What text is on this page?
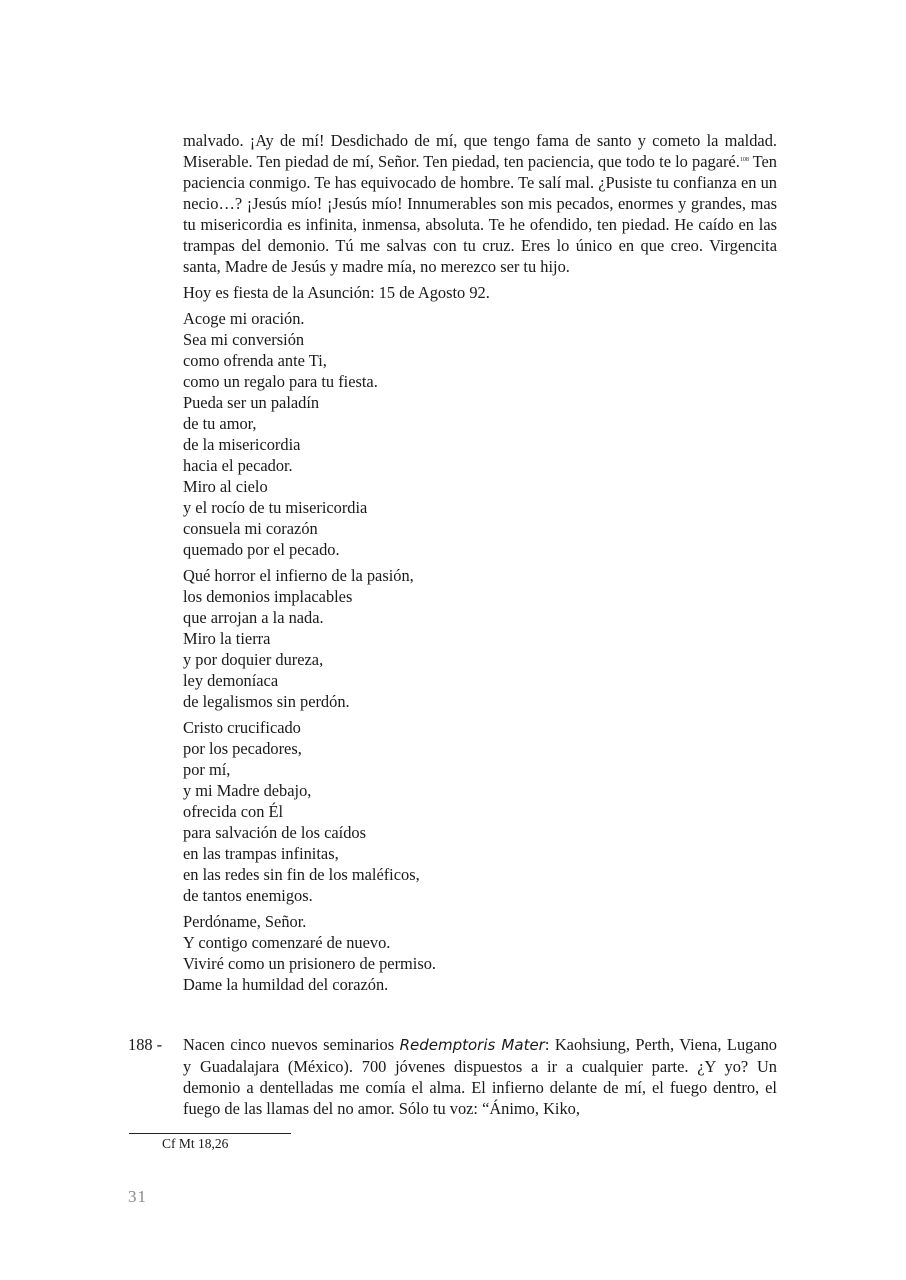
malvado. ¡Ay de mí! Desdichado de mí, que tengo fama de santo y cometo la maldad. Miserable. Ten piedad de mí, Señor. Ten piedad, ten paciencia, que todo te lo pagaré.$^{108}$ Ten paciencia conmigo. Te has equivocado de hombre. Te salí mal. ¿Pusiste tu confianza en un necio…? ¡Jesús mío! ¡Jesús mío! Innumerables son mis pecados, enormes y grandes, mas tu misericordia es infinita, inmensa, absoluta. Te he ofendido, ten piedad. He caído en las trampas del demonio. Tú me salvas con tu cruz. Eres lo único en que creo. Virgencita santa, Madre de Jesús y madre mía, no merezco ser tu hijo.

Hoy es fiesta de la Asunción: 15 de Agosto 92.

Acoge mi oración.
Sea mi conversión
como ofrenda ante Ti,
como un regalo para tu fiesta.
Pueda ser un paladín
de tu amor,
de la misericordia
hacia el pecador.
Miro al cielo
y el rocío de tu misericordia
consuela mi corazón
quemado por el pecado.
Qué horror el infierno de la pasión,
los demonios implacables
que arrojan a la nada.
Miro la tierra
y por doquier dureza,
ley demoníaca
de legalismos sin perdón.
Cristo crucificado
por los pecadores,
por mí,
y mi Madre debajo,
ofrecida con Él
para salvación de los caídos
en las trampas infinitas,
en las redes sin fin de los maléficos,
de tantos enemigos.
Perdóname, Señor.
Y contigo comenzaré de nuevo.
Viviré como un prisionero de permiso.
Dame la humildad del corazón.
188 - Nacen cinco nuevos seminarios Redemptoris Mater: Kaohsiung, Perth, Viena, Lugano y Guadalajara (México). 700 jóvenes dispuestos a ir a cualquier parte. ¿Y yo? Un demonio a dentelladas me comía el alma. El infierno delante de mí, el fuego dentro, el fuego de las llamas del no amor. Sólo tu voz: “Ánimo, Kiko,

Cf Mt 18,26
31
